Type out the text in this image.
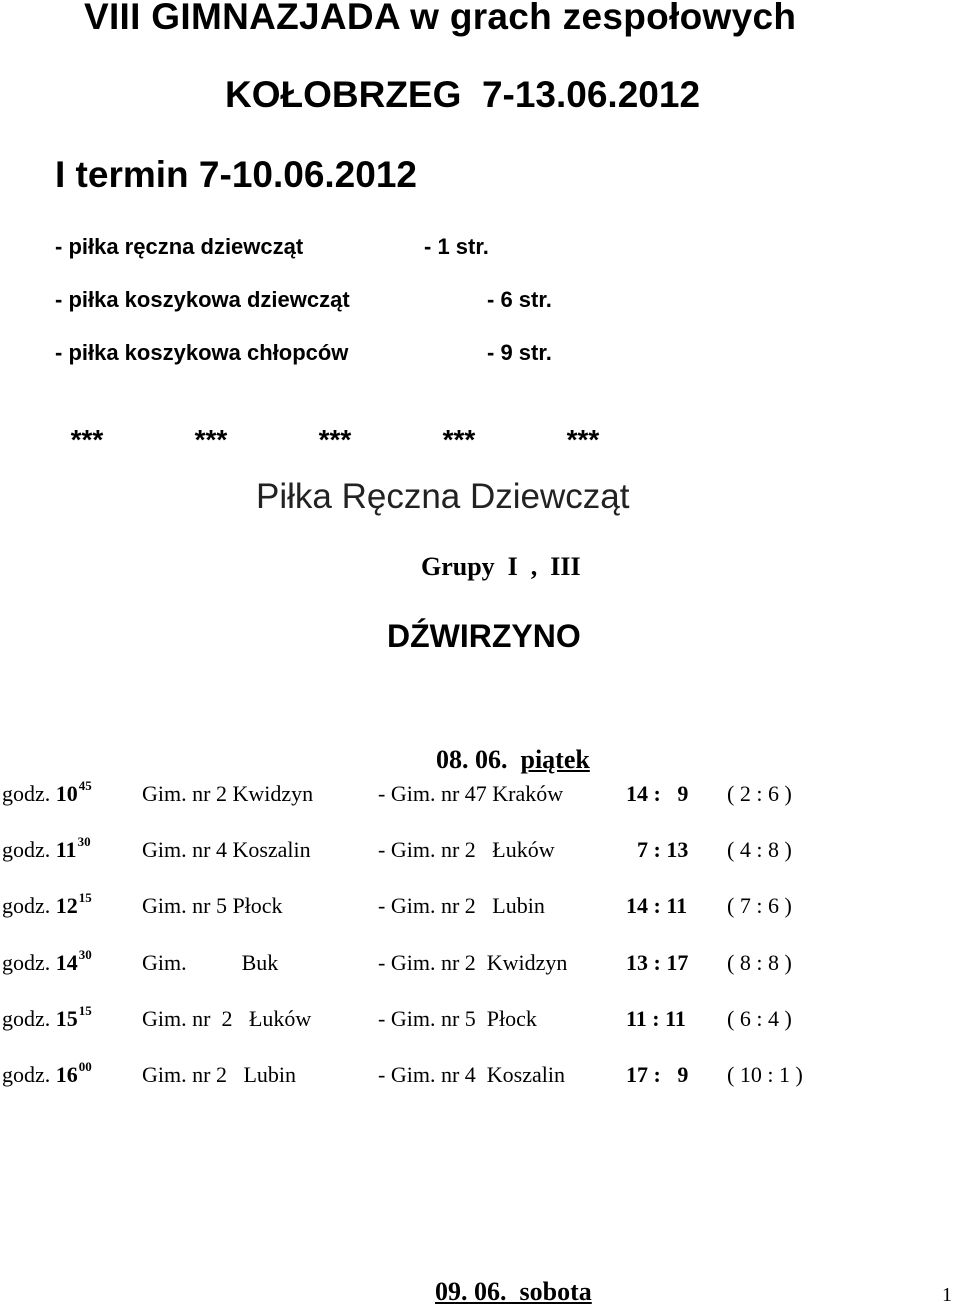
VIII GIMNAZJADA w grach zespołowych
KOŁOBRZEG  7-13.06.2012
I termin 7-10.06.2012
- piłka ręczna dziewcząt	- 1 str.
- piłka koszykowa dziewcząt	- 6 str.
- piłka koszykowa chłopców	- 9 str.

***	***	***	***	***

Piłka Ręczna Dziewcząt
Grupy  I  ,  III
DŹWIRZYNO

08. 06. piątek

godz. $10^{45}$ Gim. nr 2 Kwidzyn	- Gim. nr 47 Kraków	14 :   9 ( 2 : 6 )
godz. $11^{30}$ Gim. nr 4 Koszalin	- Gim. nr 2   Łuków	7 : 13 ( 4 : 8 )
godz. $12^{15}$ Gim. nr 5 Płock	- Gim. nr 2   Lubin	14 : 11 ( 7 : 6 )
godz. $14^{30}$ Gim.          Buk	- Gim. nr 2  Kwidzyn	13 : 17 ( 8 : 8 )
godz. $15^{15}$ Gim. nr  2   Łuków	- Gim. nr 5  Płock	11 : 11 ( 6 : 4 )
godz. $16^{00}$ Gim. nr 2   Lubin	- Gim. nr 4  Koszalin	17 :   9 ( 10 : 1 )

09. 06. sobota	1
